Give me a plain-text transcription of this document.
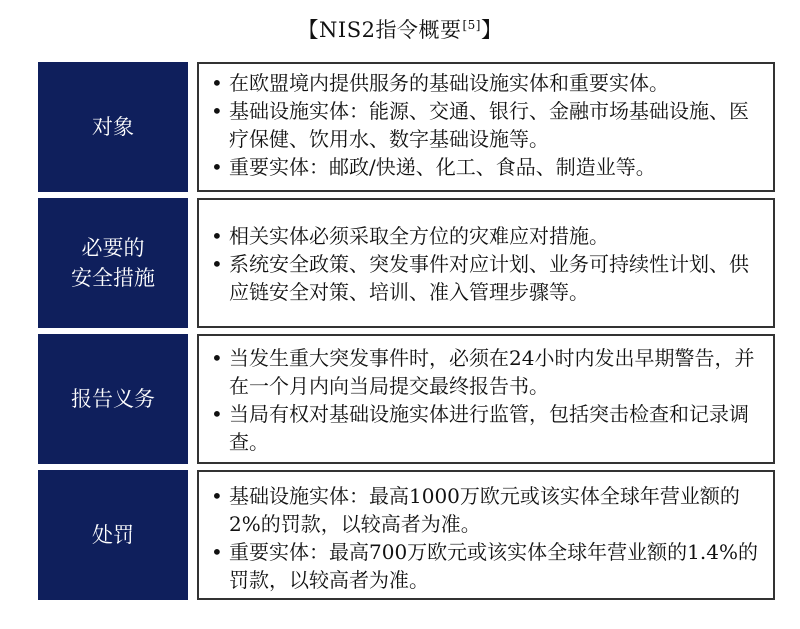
【NIS2指令概要[5]】
对象
• 在欧盟境内提供服务的基础设施实体和重要实体。
• 基础设施实体：能源、交通、银行、金融市场基础设施、医疗保健、饮用水、数字基础设施等。
• 重要实体：邮政/快递、化工、食品、制造业等。
必要的
安全措施
• 相关实体必须采取全方位的灾难应对措施。
• 系统安全政策、突发事件对应计划、业务可持续性计划、供应链安全对策、培训、准入管理步骤等。
报告义务
• 当发生重大突发事件时，必须在24小时内发出早期警告，并在一个月内向当局提交最终报告书。
• 当局有权对基础设施实体进行监管，包括突击检查和记录调查。
处罚
• 基础设施实体：最高1000万欧元或该实体全球年营业额的2%的罚款，以较高者为准。
• 重要实体：最高700万欧元或该实体全球年营业额的1.4%的罚款，以较高者为准。
